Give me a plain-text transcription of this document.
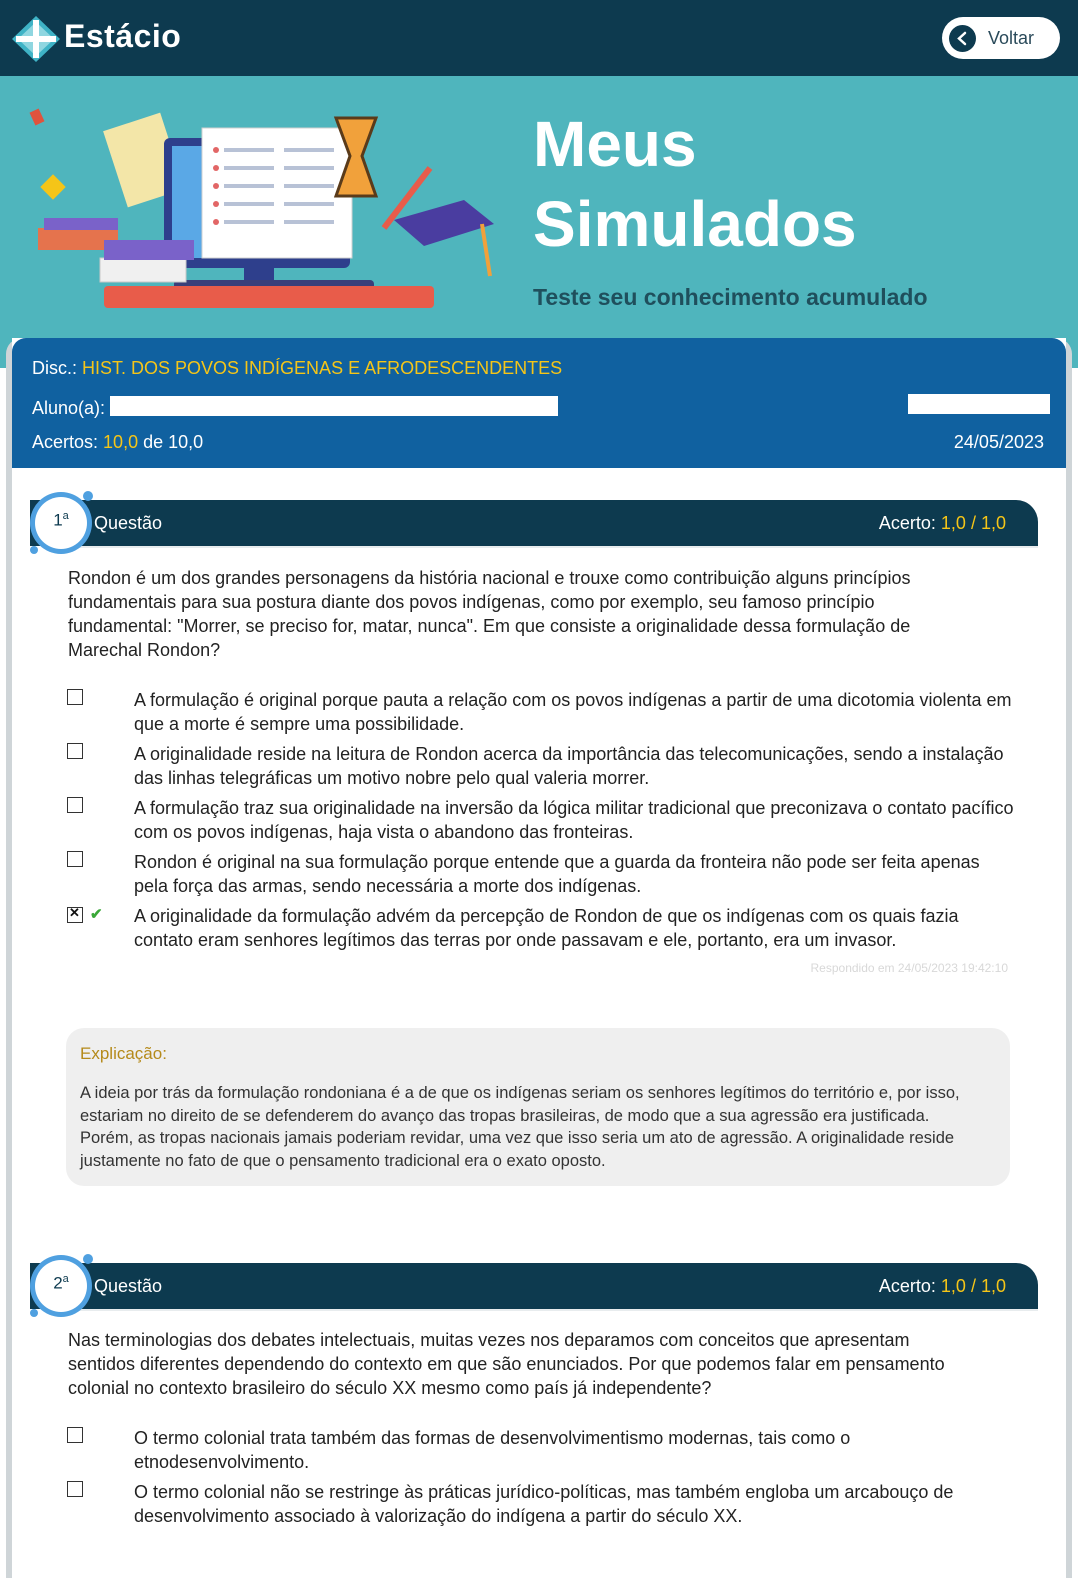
Estácio	Voltar
Meus
Simulados
Teste seu conhecimento acumulado
Disc.: HIST. DOS POVOS INDÍGENAS E AFRODESCENDENTES
Aluno(a):
Acertos: 10,0 de 10,0	24/05/2023
Questão	Acerto: 1,0 / 1,0
1$^a$
Rondon é um dos grandes personagens da história nacional e trouxe como contribuição alguns princípios fundamentais para sua postura diante dos povos indígenas, como por exemplo, seu famoso princípio fundamental: "Morrer, se preciso for, matar, nunca". Em que consiste a originalidade dessa formulação de Marechal Rondon?
A formulação é original porque pauta a relação com os povos indígenas a partir de uma dicotomia violenta em que a morte é sempre uma possibilidade.
A originalidade reside na leitura de Rondon acerca da importância das telecomunicações, sendo a instalação das linhas telegráficas um motivo nobre pelo qual valeria morrer.
A formulação traz sua originalidade na inversão da lógica militar tradicional que preconizava o contato pacífico com os povos indígenas, haja vista o abandono das fronteiras.
Rondon é original na sua formulação porque entende que a guarda da fronteira não pode ser feita apenas pela força das armas, sendo necessária a morte dos indígenas.
✕
✔ A originalidade da formulação advém da percepção de Rondon de que os indígenas com os quais fazia contato eram senhores legítimos das terras por onde passavam e ele, portanto, era um invasor.
Respondido em 24/05/2023 19:42:10
Explicação:
A ideia por trás da formulação rondoniana é a de que os indígenas seriam os senhores legítimos do território e, por isso, estariam no direito de se defenderem do avanço das tropas brasileiras, de modo que a sua agressão era justificada. Porém, as tropas nacionais jamais poderiam revidar, uma vez que isso seria um ato de agressão. A originalidade reside justamente no fato de que o pensamento tradicional era o exato oposto.
Questão	Acerto: 1,0 / 1,0
2$^a$
Nas terminologias dos debates intelectuais, muitas vezes nos deparamos com conceitos que apresentam sentidos diferentes dependendo do contexto em que são enunciados. Por que podemos falar em pensamento colonial no contexto brasileiro do século XX mesmo como país já independente?
O termo colonial trata também das formas de desenvolvimentismo modernas, tais como o etnodesenvolvimento.
O termo colonial não se restringe às práticas jurídico-políticas, mas também engloba um arcabouço de desenvolvimento associado à valorização do indígena a partir do século XX.
